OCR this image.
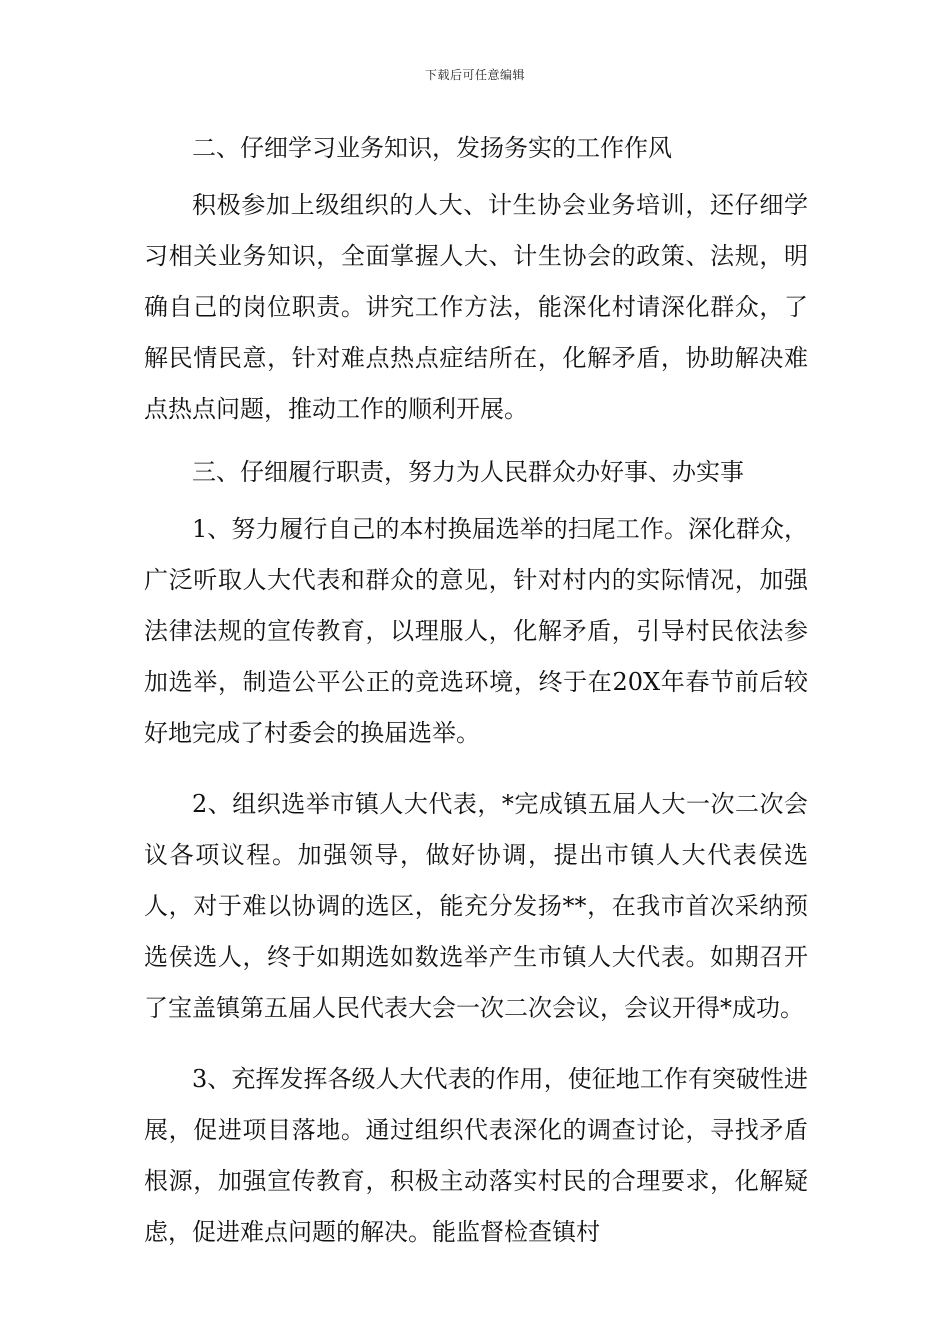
下载后可任意编辑

二、仔细学习业务知识，发扬务实的工作作风

积极参加上级组织的人大、计生协会业务培训，还仔细学习相关业务知识，全面掌握人大、计生协会的政策、法规，明确自己的岗位职责。讲究工作方法，能深化村请深化群众，了解民情民意，针对难点热点症结所在，化解矛盾，协助解决难点热点问题，推动工作的顺利开展。

三、仔细履行职责，努力为人民群众办好事、办实事

1、努力履行自己的本村换届选举的扫尾工作。深化群众，广泛听取人大代表和群众的意见，针对村内的实际情况，加强法律法规的宣传教育，以理服人，化解矛盾，引导村民依法参加选举，制造公平公正的竞选环境，终于在20X年春节前后较好地完成了村委会的换届选举。

2、组织选举市镇人大代表，*完成镇五届人大一次二次会议各项议程。加强领导，做好协调，提出市镇人大代表侯选人，对于难以协调的选区，能充分发扬**，在我市首次采纳预选侯选人，终于如期选如数选举产生市镇人大代表。如期召开了宝盖镇第五届人民代表大会一次二次会议，会议开得*成功。

3、充挥发挥各级人大代表的作用，使征地工作有突破性进展，促进项目落地。通过组织代表深化的调查讨论，寻找矛盾根源，加强宣传教育，积极主动落实村民的合理要求，化解疑虑，促进难点问题的解决。能监督检查镇村
